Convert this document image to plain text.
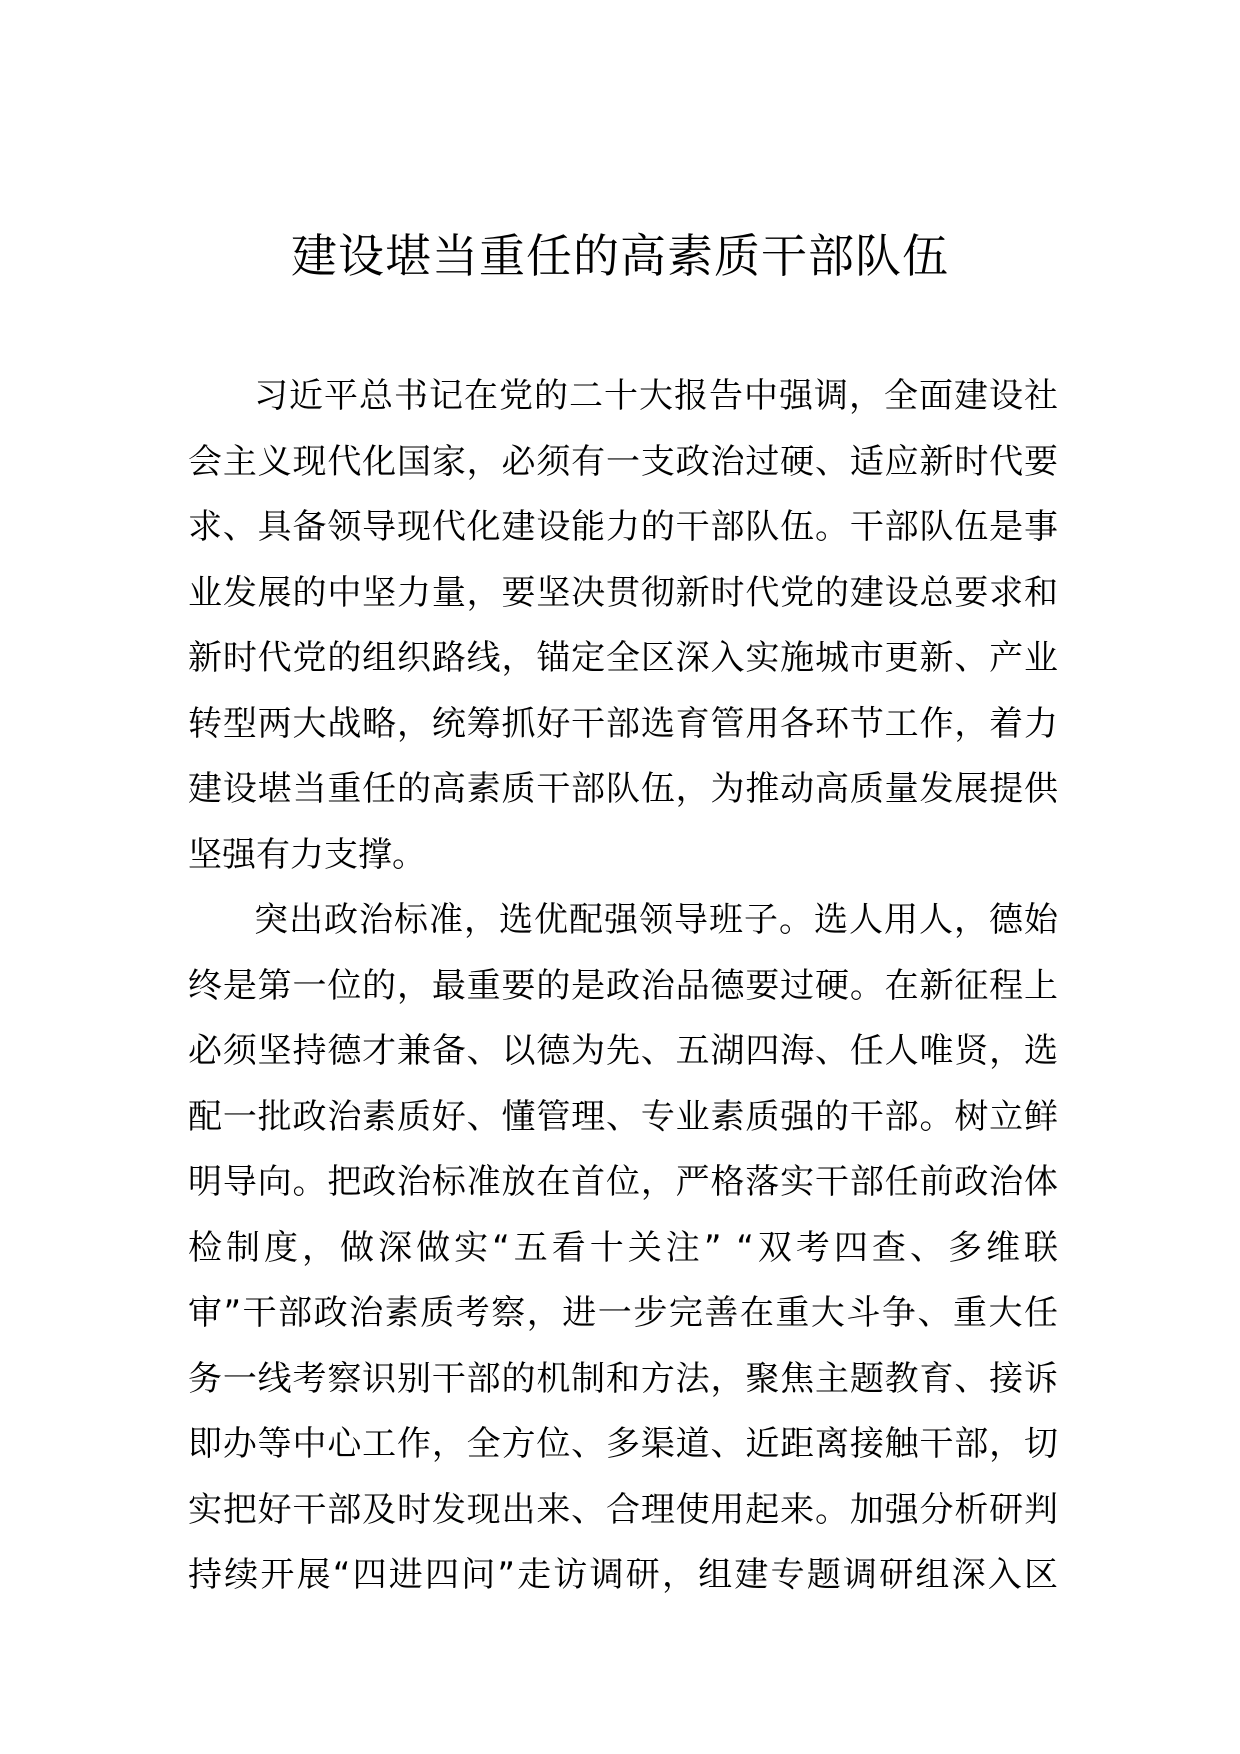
建设堪当重任的高素质干部队伍
习近平总书记在党的二十大报告中强调，全面建设社
会主义现代化国家，必须有一支政治过硬、适应新时代要
求、具备领导现代化建设能力的干部队伍。干部队伍是事
业发展的中坚力量，要坚决贯彻新时代党的建设总要求和
新时代党的组织路线，锚定全区深入实施城市更新、产业
转型两大战略，统筹抓好干部选育管用各环节工作，着力
建设堪当重任的高素质干部队伍，为推动高质量发展提供
坚强有力支撑。
突出政治标准，选优配强领导班子。选人用人，德始
终是第一位的，最重要的是政治品德要过硬。在新征程上
必须坚持德才兼备、以德为先、五湖四海、任人唯贤，选
配一批政治素质好、懂管理、专业素质强的干部。树立鲜
明导向。把政治标准放在首位，严格落实干部任前政治体
检制度，做深做实“五看十关注” “双考四查、多维联
审”干部政治素质考察，进一步完善在重大斗争、重大任
务一线考察识别干部的机制和方法，聚焦主题教育、接诉
即办等中心工作，全方位、多渠道、近距离接触干部，切
实把好干部及时发现出来、合理使用起来。加强分析研判
持续开展“四进四问”走访调研，组建专题调研组深入区
